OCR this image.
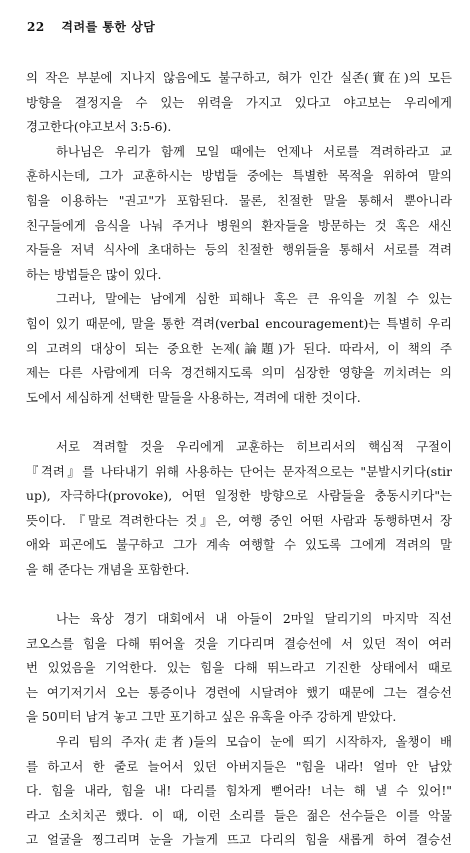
22 격려를 통한 상담
의 작은 부분에 지나지 않음에도 불구하고, 혀가 인간 실존(實在)의 모든
방향을 결정지을 수 있는 위력을 가지고 있다고 야고보는 우리에게
경고한다(야고보서 3:5-6).
하나님은 우리가 함께 모일 때에는 언제나 서로를 격려하라고 교
훈하시는데, 그가 교훈하시는 방법들 중에는 특별한 목적을 위하여 말의
힘을 이용하는 "권고"가 포함된다. 물론, 친절한 말을 통해서 뿐아니라
친구들에게 음식을 나눠 주거나 병원의 환자들을 방문하는 것 혹은 새신
자들을 저녁 식사에 초대하는 등의 친절한 행위들을 통해서 서로를 격려
하는 방법들은 많이 있다.
그러나, 말에는 남에게 심한 피해나 혹은 큰 유익을 끼칠 수 있는
힘이 있기 때문에, 말을 통한 격려(verbal encouragement)는 특별히 우리
의 고려의 대상이 되는 중요한 논제(論題)가 된다. 따라서, 이 책의 주
제는 다른 사람에게 더욱 경건해지도록 의미 심장한 영향을 끼치려는 의
도에서 세심하게 선택한 말들을 사용하는, 격려에 대한 것이다.
서로 격려할 것을 우리에게 교훈하는 히브리서의 핵심적 구절이
『격려』를 나타내기 위해 사용하는 단어는 문자적으로는 "분발시키다(stir
up), 자극하다(provoke), 어떤 일정한 방향으로 사람들을 충동시키다"는
뜻이다. 『말로 격려한다는 것』은, 여행 중인 어떤 사람과 동행하면서 장
애와 피곤에도 불구하고 그가 계속 여행할 수 있도록 그에게 격려의 말
을 해 준다는 개념을 포함한다.
나는 육상 경기 대회에서 내 아들이 2마일 달리기의 마지막 직선
코오스를 힘을 다해 뛰어올 것을 기다리며 결승선에 서 있던 적이 여러
번 있었음을 기억한다. 있는 힘을 다해 뛰느라고 기진한 상태에서 때로
는 여기저기서 오는 통증이나 경련에 시달려야 했기 때문에 그는 결승선
을 50미터 남겨 놓고 그만 포기하고 싶은 유혹을 아주 강하게 받았다.
우리 팀의 주자(走者)들의 모습이 눈에 띄기 시작하자, 올챙이 배
를 하고서 한 줄로 늘어서 있던 아버지들은 "힘을 내라! 얼마 안 남았
다. 힘을 내라, 힘을 내! 다리를 힘차게 뻗어라! 너는 해 낼 수 있어!"
라고 소치치곤 했다. 이 때, 이런 소리를 들은 젊은 선수들은 이를 악물
고 얼굴을 찡그리며 눈을 가늘게 뜨고 다리의 힘을 새롭게 하여 결승선
